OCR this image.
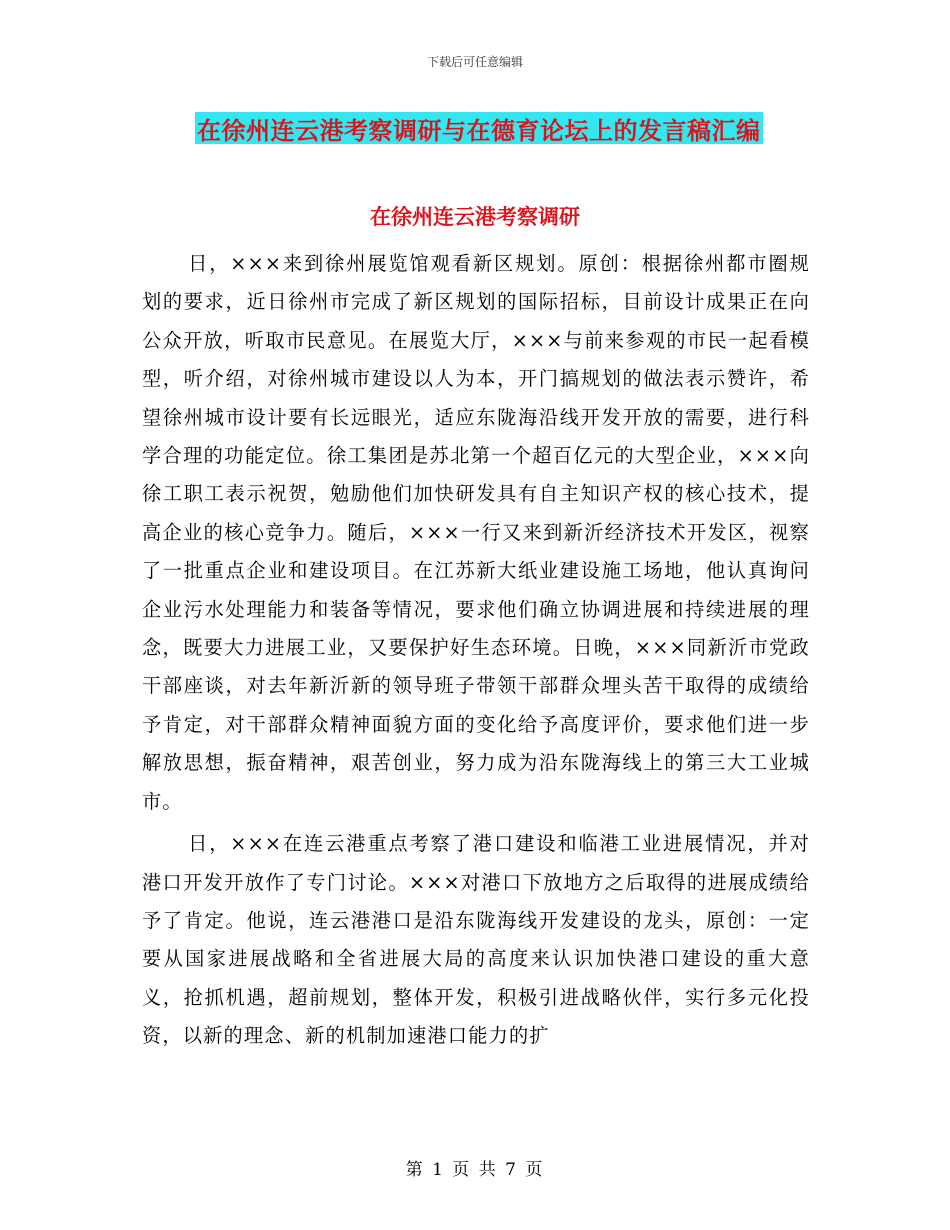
下载后可任意编辑
在徐州连云港考察调研与在德育论坛上的发言稿汇编
在徐州连云港考察调研

日，×××来到徐州展览馆观看新区规划。原创：根据徐州都市圈规划的要求，近日徐州市完成了新区规划的国际招标，目前设计成果正在向公众开放，听取市民意见。在展览大厅，×××与前来参观的市民一起看模型，听介绍，对徐州城市建设以人为本，开门搞规划的做法表示赞许，希望徐州城市设计要有长远眼光，适应东陇海沿线开发开放的需要，进行科学合理的功能定位。徐工集团是苏北第一个超百亿元的大型企业，×××向徐工职工表示祝贺，勉励他们加快研发具有自主知识产权的核心技术，提高企业的核心竞争力。随后，×××一行又来到新沂经济技术开发区，视察了一批重点企业和建设项目。在江苏新大纸业建设施工场地，他认真询问企业污水处理能力和装备等情况，要求他们确立协调进展和持续进展的理念，既要大力进展工业，又要保护好生态环境。日晚，×××同新沂市党政干部座谈，对去年新沂新的领导班子带领干部群众埋头苦干取得的成绩给予肯定，对干部群众精神面貌方面的变化给予高度评价，要求他们进一步解放思想，振奋精神，艰苦创业，努力成为沿东陇海线上的第三大工业城市。

日，×××在连云港重点考察了港口建设和临港工业进展情况，并对港口开发开放作了专门讨论。×××对港口下放地方之后取得的进展成绩给予了肯定。他说，连云港港口是沿东陇海线开发建设的龙头，原创：一定要从国家进展战略和全省进展大局的高度来认识加快港口建设的重大意义，抢抓机遇，超前规划，整体开发，积极引进战略伙伴，实行多元化投资，以新的理念、新的机制加速港口能力的扩

第 1 页 共 7 页
